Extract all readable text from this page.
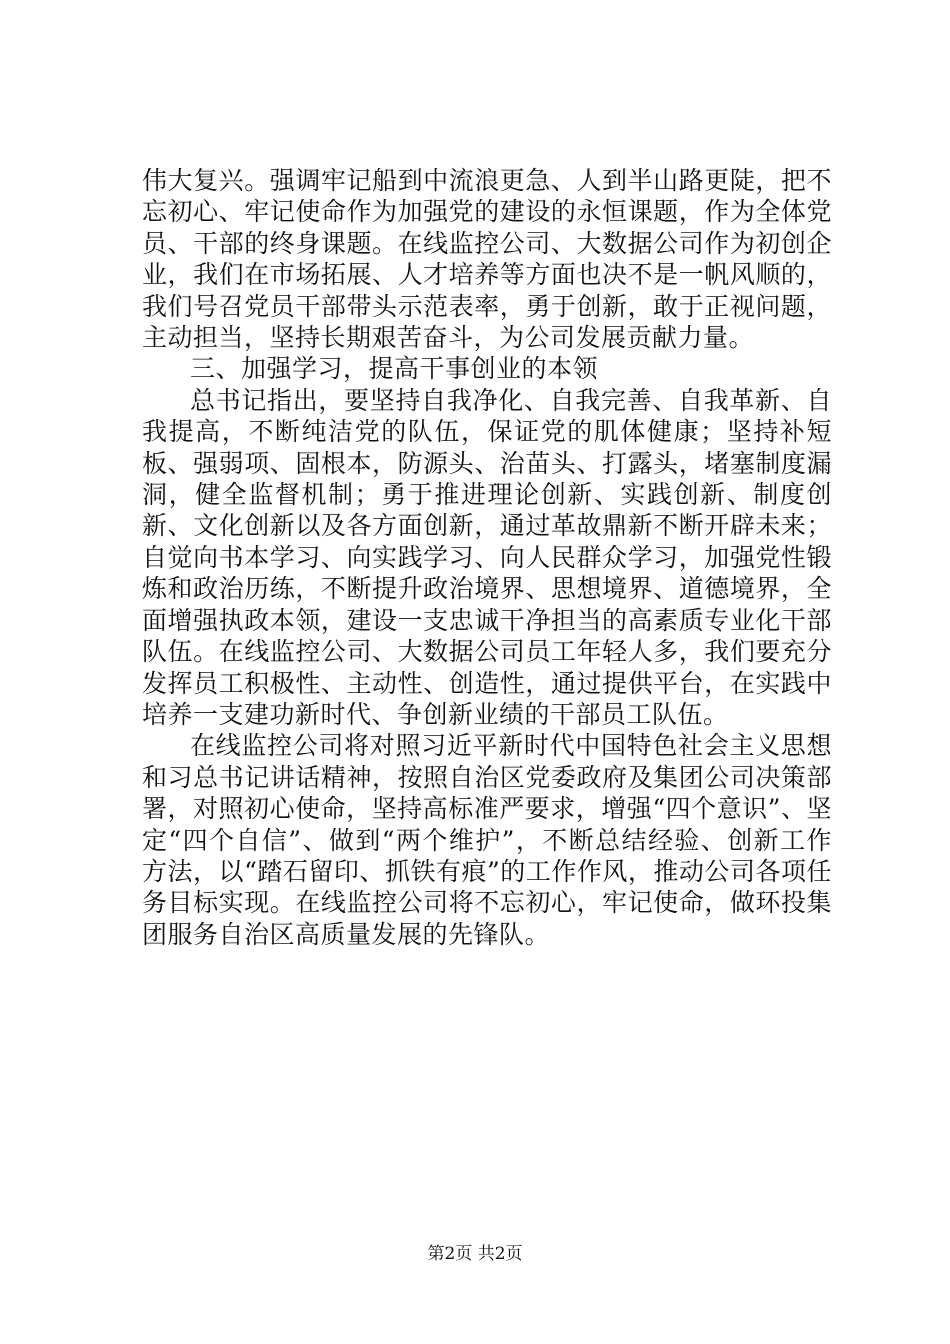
伟大复兴。强调牢记船到中流浪更急、人到半山路更陡，把不忘初心、牢记使命作为加强党的建设的永恒课题，作为全体党员、干部的终身课题。在线监控公司、大数据公司作为初创企业，我们在市场拓展、人才培养等方面也决不是一帆风顺的，我们号召党员干部带头示范表率，勇于创新，敢于正视问题，主动担当，坚持长期艰苦奋斗，为公司发展贡献力量。

三、加强学习，提高干事创业的本领

总书记指出，要坚持自我净化、自我完善、自我革新、自我提高，不断纯洁党的队伍，保证党的肌体健康；坚持补短板、强弱项、固根本，防源头、治苗头、打露头，堵塞制度漏洞，健全监督机制；勇于推进理论创新、实践创新、制度创新、文化创新以及各方面创新，通过革故鼎新不断开辟未来；自觉向书本学习、向实践学习、向人民群众学习，加强党性锻炼和政治历练，不断提升政治境界、思想境界、道德境界，全面增强执政本领，建设一支忠诚干净担当的高素质专业化干部队伍。在线监控公司、大数据公司员工年轻人多，我们要充分发挥员工积极性、主动性、创造性，通过提供平台，在实践中培养一支建功新时代、争创新业绩的干部员工队伍。

在线监控公司将对照习近平新时代中国特色社会主义思想和习总书记讲话精神，按照自治区党委政府及集团公司决策部署，对照初心使命，坚持高标准严要求，增强“四个意识”、坚定“四个自信”、做到“两个维护”，不断总结经验、创新工作方法，以“踏石留印、抓铁有痕”的工作作风，推动公司各项任务目标实现。在线监控公司将不忘初心，牢记使命，做环投集团服务自治区高质量发展的先锋队。

第2页 共2页
